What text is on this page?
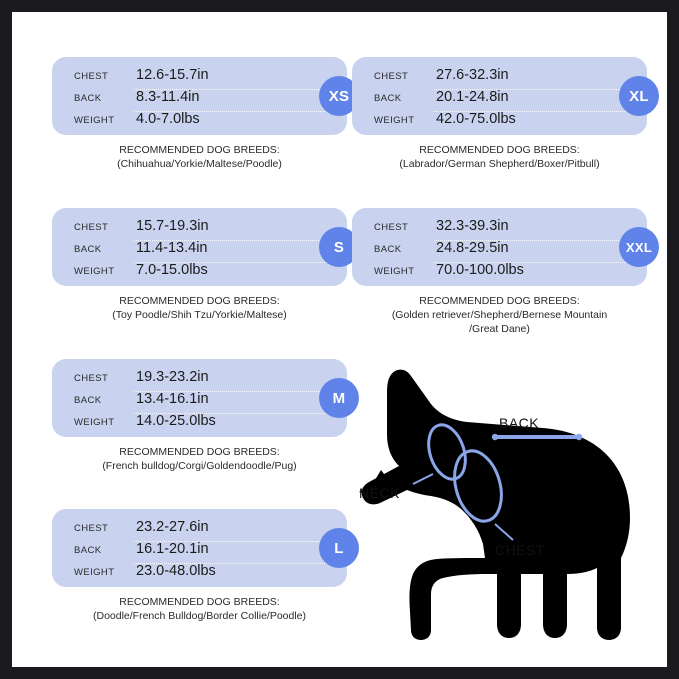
CHEST	12.6-15.7in
BACK	8.3-11.4in
WEIGHT	4.0-7.0lbs
XS
RECOMMENDED DOG BREEDS:
(Chihuahua/Yorkie/Maltese/Poodle)
CHEST	15.7-19.3in
BACK	11.4-13.4in
WEIGHT	7.0-15.0lbs
S
RECOMMENDED DOG BREEDS:
(Toy Poodle/Shih Tzu/Yorkie/Maltese)
CHEST	19.3-23.2in
BACK	13.4-16.1in
WEIGHT	14.0-25.0lbs
M
RECOMMENDED DOG BREEDS:
(French bulldog/Corgi/Goldendoodle/Pug)
CHEST	23.2-27.6in
BACK	16.1-20.1in
WEIGHT	23.0-48.0lbs
L
RECOMMENDED DOG BREEDS:
(Doodle/French Bulldog/Border Collie/Poodle)
CHEST	27.6-32.3in
BACK	20.1-24.8in
WEIGHT	42.0-75.0lbs
XL
RECOMMENDED DOG BREEDS:
(Labrador/German Shepherd/Boxer/Pitbull)
CHEST	32.3-39.3in
BACK	24.8-29.5in
WEIGHT	70.0-100.0lbs
XXL
RECOMMENDED DOG BREEDS:
(Golden retriever/Shepherd/Bernese Mountain
/Great Dane)
BACK
NECK
CHEST
